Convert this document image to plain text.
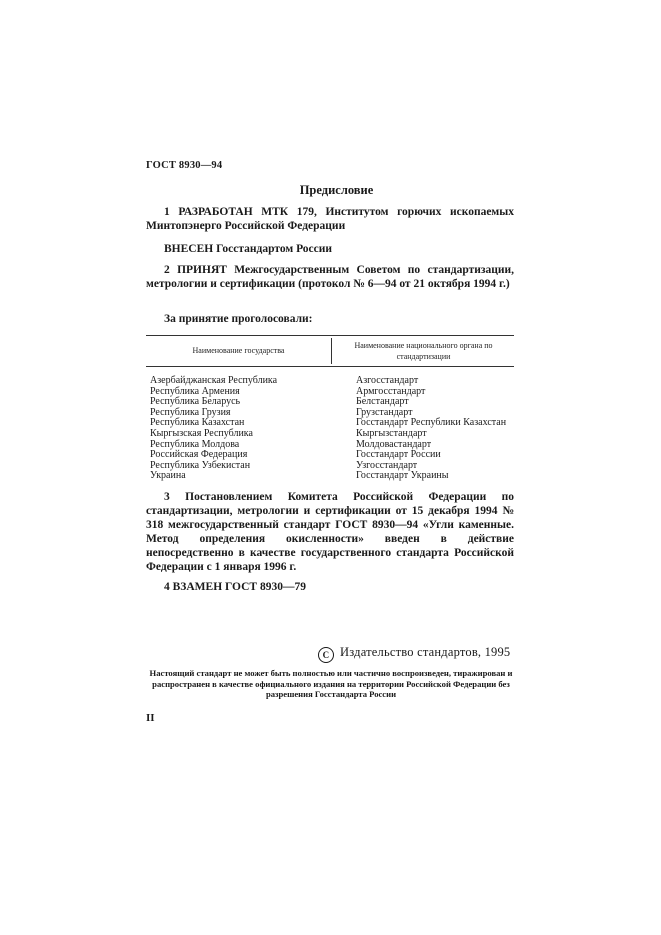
ГОСТ 8930—94
Предисловие
1 РАЗРАБОТАН МТК 179, Институтом горючих ископаемых Минтопэнерго Российской Федерации
ВНЕСЕН Госстандартом России
2 ПРИНЯТ Межгосударственным Советом по стандартизации, метрологии и сертификации (протокол № 6—94 от 21 октября 1994 г.)
За принятие проголосовали:
Наименование государства
Наименование национального органа по стандартизации
Азербайджанская Республика
Республика Армения
Республика Беларусь
Республика Грузия
Республика Казахстан
Кыргызская Республика
Республика Молдова
Российская Федерация
Республика Узбекистан
Украина
Азгосстандарт
Армгосстандарт
Белстандарт
Грузстандарт
Госстандарт Республики Казахстан
Кыргызстандарт
Молдовастандарт
Госстандарт России
Узгосстандарт
Госстандарт Украины
3 Постановлением Комитета Российской Федерации по стандартизации, метрологии и сертификации от 15 декабря 1994 № 318 межгосударственный стандарт ГОСТ 8930—94 «Угли каменные. Метод определения окисленности» введен в действие непосредственно в качестве государственного стандарта Российской Федерации с 1 января 1996 г.
4 ВЗАМЕН ГОСТ 8930—79
C Издательство стандартов, 1995
Настоящий стандарт не может быть полностью или частично воспроизведен, тиражирован и распространен в качестве официального издания на территории Российской Федерации без разрешения Госстандарта России
II
